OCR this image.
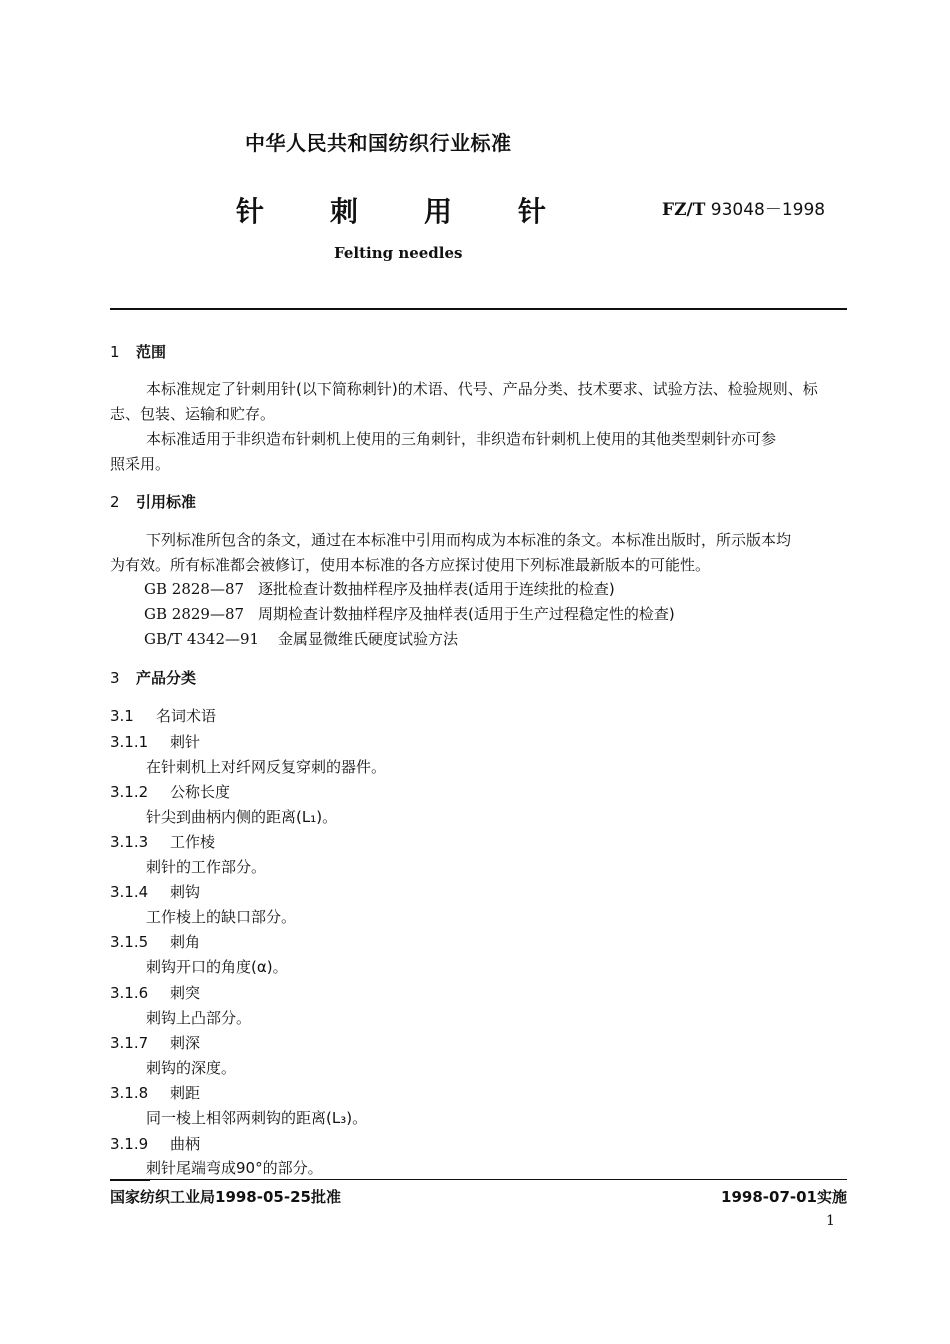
中华人民共和国纺织行业标准
针 刺 用 针	FZ/T 93048－1998
Felting needles
1 范围
本标准规定了针刺用针(以下简称刺针)的术语、代号、产品分类、技术要求、试验方法、检验规则、标
志、包装、运输和贮存。
本标准适用于非织造布针刺机上使用的三角刺针，非织造布针刺机上使用的其他类型刺针亦可参
照采用。
2 引用标准
下列标准所包含的条文，通过在本标准中引用而构成为本标准的条文。本标准出版时，所示版本均
为有效。所有标准都会被修订，使用本标准的各方应探讨使用下列标准最新版本的可能性。
GB 2828—87 逐批检查计数抽样程序及抽样表(适用于连续批的检查)
GB 2829—87 周期检查计数抽样程序及抽样表(适用于生产过程稳定性的检查)
GB/T 4342—91 金属显微维氏硬度试验方法
3 产品分类
3.1 名词术语
3.1.1 刺针
在针刺机上对纤网反复穿刺的器件。
3.1.2 公称长度
针尖到曲柄内侧的距离(L₁)。
3.1.3 工作棱
刺针的工作部分。
3.1.4 刺钩
工作棱上的缺口部分。
3.1.5 刺角
刺钩开口的角度(α)。
3.1.6 刺突
刺钩上凸部分。
3.1.7 刺深
刺钩的深度。
3.1.8 刺距
同一棱上相邻两刺钩的距离(L₃)。
3.1.9 曲柄
刺针尾端弯成90°的部分。
国家纺织工业局1998-05-25批准	1998-07-01实施
1
